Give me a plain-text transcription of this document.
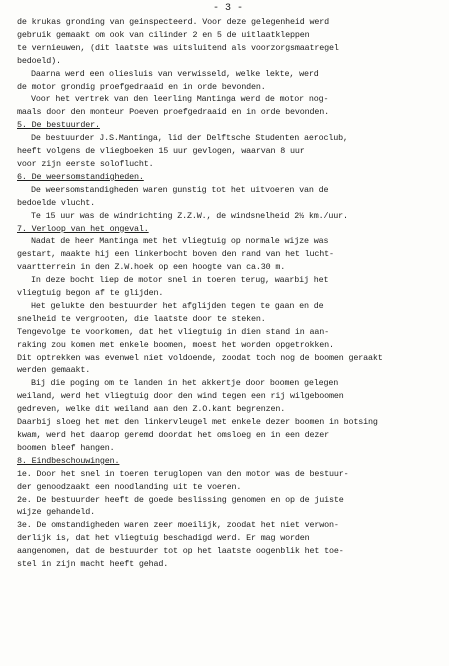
- 3 -
de krukas gronding van geinspecteerd. Voor deze gelegenheid werd
gebruik gemaakt om ook van cilinder 2 en 5 de uitlaatkleppen
te vernieuwen, (dit laatste was uitsluitend als voorzorgsmaatregel
bedoeld).
Daarna werd een oliesluis van verwisseld, welke lekte, werd
de motor grondig proefgedraaid en in orde bevonden.
Voor het vertrek van den leerling Mantinga werd de motor nog-
maals door den monteur Poeven proefgedraaid en in orde bevonden.
5. De bestuurder.
De bestuurder J.S.Mantinga, lid der Delftsche Studenten aeroclub,
heeft volgens de vliegboeken 15 uur gevlogen, waarvan 8 uur
voor zijn eerste soloflucht.
6. De weersomstandigheden.
De weersomstandigheden waren gunstig tot het uitvoeren van de
bedoelde vlucht.
Te 15 uur was de windrichting Z.Z.W., de windsnelheid 2½ km./uur.
7. Verloop van het ongeval.
Nadat de heer Mantinga met het vliegtuig op normale wijze was
gestart, maakte hij een linkerbocht boven den rand van het lucht-
vaartterrein in den Z.W.hoek op een hoogte van ca.30 m.
In deze bocht liep de motor snel in toeren terug, waarbij het
vliegtuig begon af te glijden.
Het gelukte den bestuurder het afglijden tegen te gaan en de
snelheid te vergrooten, die laatste door te steken.
Tengevolge te voorkomen, dat het vliegtuig in dien stand in aan-
raking zou komen met enkele boomen, moest het worden opgetrokken.
Dit optrekken was evenwel niet voldoende, zoodat toch nog de boomen geraakt
werden gemaakt.
Bij die poging om te landen in het akkertje door boomen gelegen
weiland, werd het vliegtuig door den wind tegen een rij wilgeboomen
gedreven, welke dit weiland aan den Z.O.kant begrenzen.
Daarbij sloeg het met den linkervleugel met enkele dezer boomen in botsing
kwam, werd het daarop geremd doordat het omsloeg en in een dezer
boomen bleef hangen.
8. Eindbeschouwingen.
1e. Door het snel in toeren teruglopen van den motor was de bestuur-
der genoodzaakt een noodlanding uit te voeren.
2e. De bestuurder heeft de goede beslissing genomen en op de juiste
wijze gehandeld.
3e. De omstandigheden waren zeer moeilijk, zoodat het niet verwon-
derlijk is, dat het vliegtuig beschadigd werd. Er mag worden
aangenomen, dat de bestuurder tot op het laatste oogenblik het toe-
stel in zijn macht heeft gehad.
